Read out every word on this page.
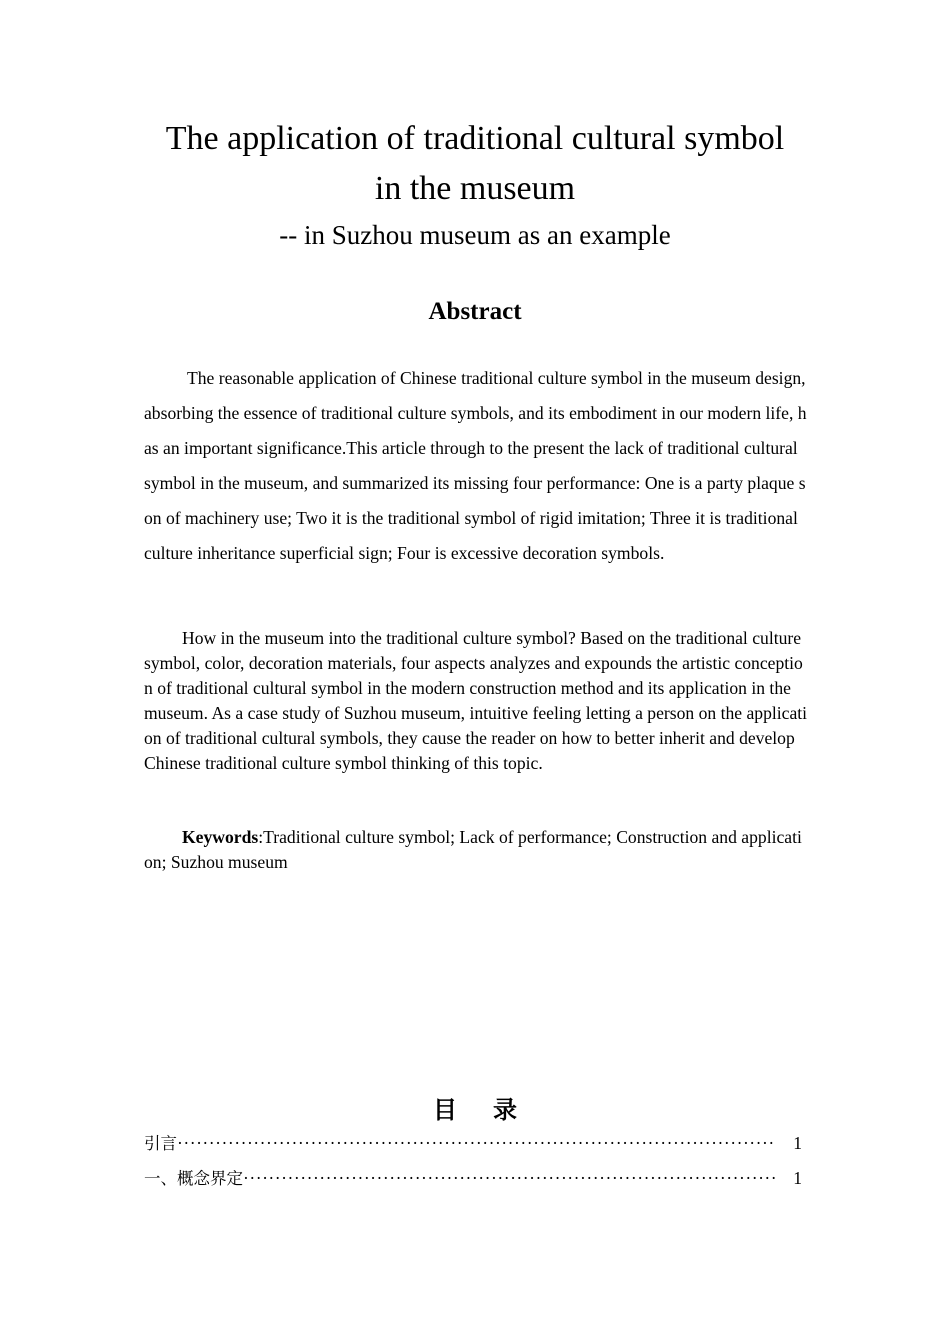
The application of traditional cultural symbol
in the museum
-- in Suzhou museum as an example
Abstract

The reasonable application of Chinese traditional culture symbol in the museum design, absorbing the essence of traditional culture symbols, and its embodiment in our modern life, has an important significance.This article through to the present the lack of traditional cultural symbol in the museum, and summarized its missing four performance: One is a party plaque son of machinery use; Two it is the traditional symbol of rigid imitation; Three it is traditional culture inheritance superficial sign; Four is excessive decoration symbols.

How in the museum into the traditional culture symbol? Based on the traditional culture symbol, color, decoration materials, four aspects analyzes and expounds the artistic conception of traditional cultural symbol in the modern construction method and its application in the museum. As a case study of Suzhou museum, intuitive feeling letting a person on the application of traditional cultural symbols, they cause the reader on how to better inherit and develop Chinese traditional culture symbol thinking of this topic.

Keywords:Traditional culture symbol; Lack of performance; Construction and application; Suzhou museum

目录
引言 ·····	1
一、概念界定 ·····	1
